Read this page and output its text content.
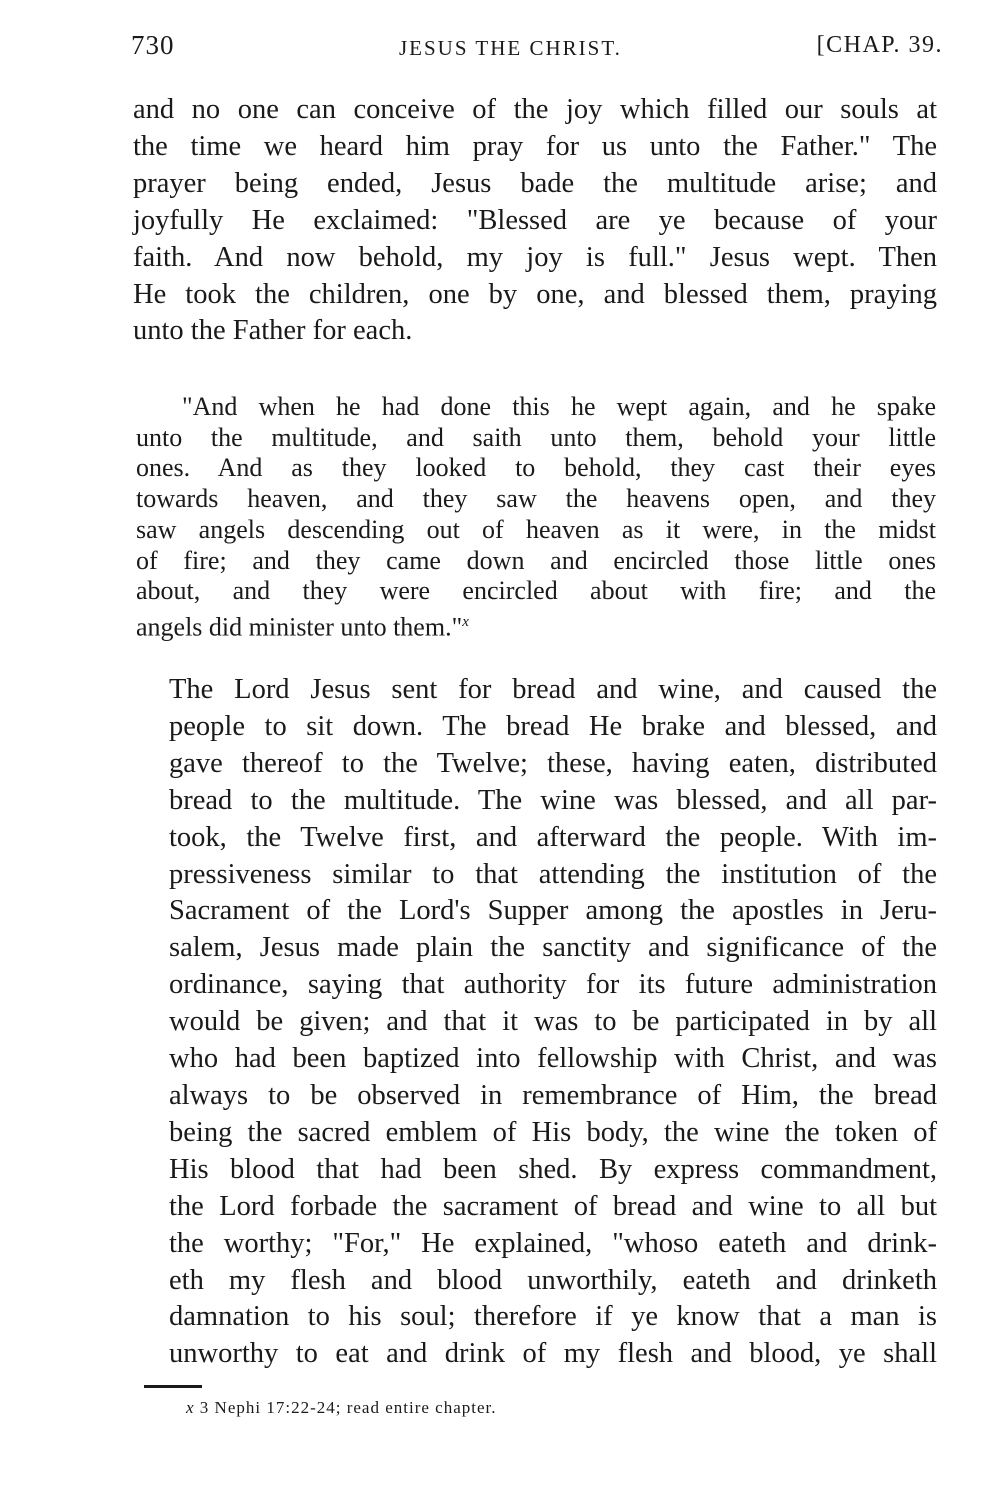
730	JESUS THE CHRIST.	[CHAP. 39.
and no one can conceive of the joy which filled our souls at
the time we heard him pray for us unto the Father." The
prayer being ended, Jesus bade the multitude arise; and
joyfully He exclaimed: "Blessed are ye because of your
faith. And now behold, my joy is full." Jesus wept. Then
He took the children, one by one, and blessed them, praying
unto the Father for each.
"And when he had done this he wept again, and he spake
unto the multitude, and saith unto them, behold your little
ones. And as they looked to behold, they cast their eyes
towards heaven, and they saw the heavens open, and they
saw angels descending out of heaven as it were, in the midst
of fire; and they came down and encircled those little ones
about, and they were encircled about with fire; and the
angels did minister unto them."$^x$
The Lord Jesus sent for bread and wine, and caused the
people to sit down. The bread He brake and blessed, and
gave thereof to the Twelve; these, having eaten, distributed
bread to the multitude. The wine was blessed, and all par-
took, the Twelve first, and afterward the people. With im-
pressiveness similar to that attending the institution of the
Sacrament of the Lord's Supper among the apostles in Jeru-
salem, Jesus made plain the sanctity and significance of the
ordinance, saying that authority for its future administration
would be given; and that it was to be participated in by all
who had been baptized into fellowship with Christ, and was
always to be observed in remembrance of Him, the bread
being the sacred emblem of His body, the wine the token of
His blood that had been shed. By express commandment,
the Lord forbade the sacrament of bread and wine to all but
the worthy; "For," He explained, "whoso eateth and drink-
eth my flesh and blood unworthily, eateth and drinketh
damnation to his soul; therefore if ye know that a man is
unworthy to eat and drink of my flesh and blood, ye shall
x 3 Nephi 17:22-24; read entire chapter.
